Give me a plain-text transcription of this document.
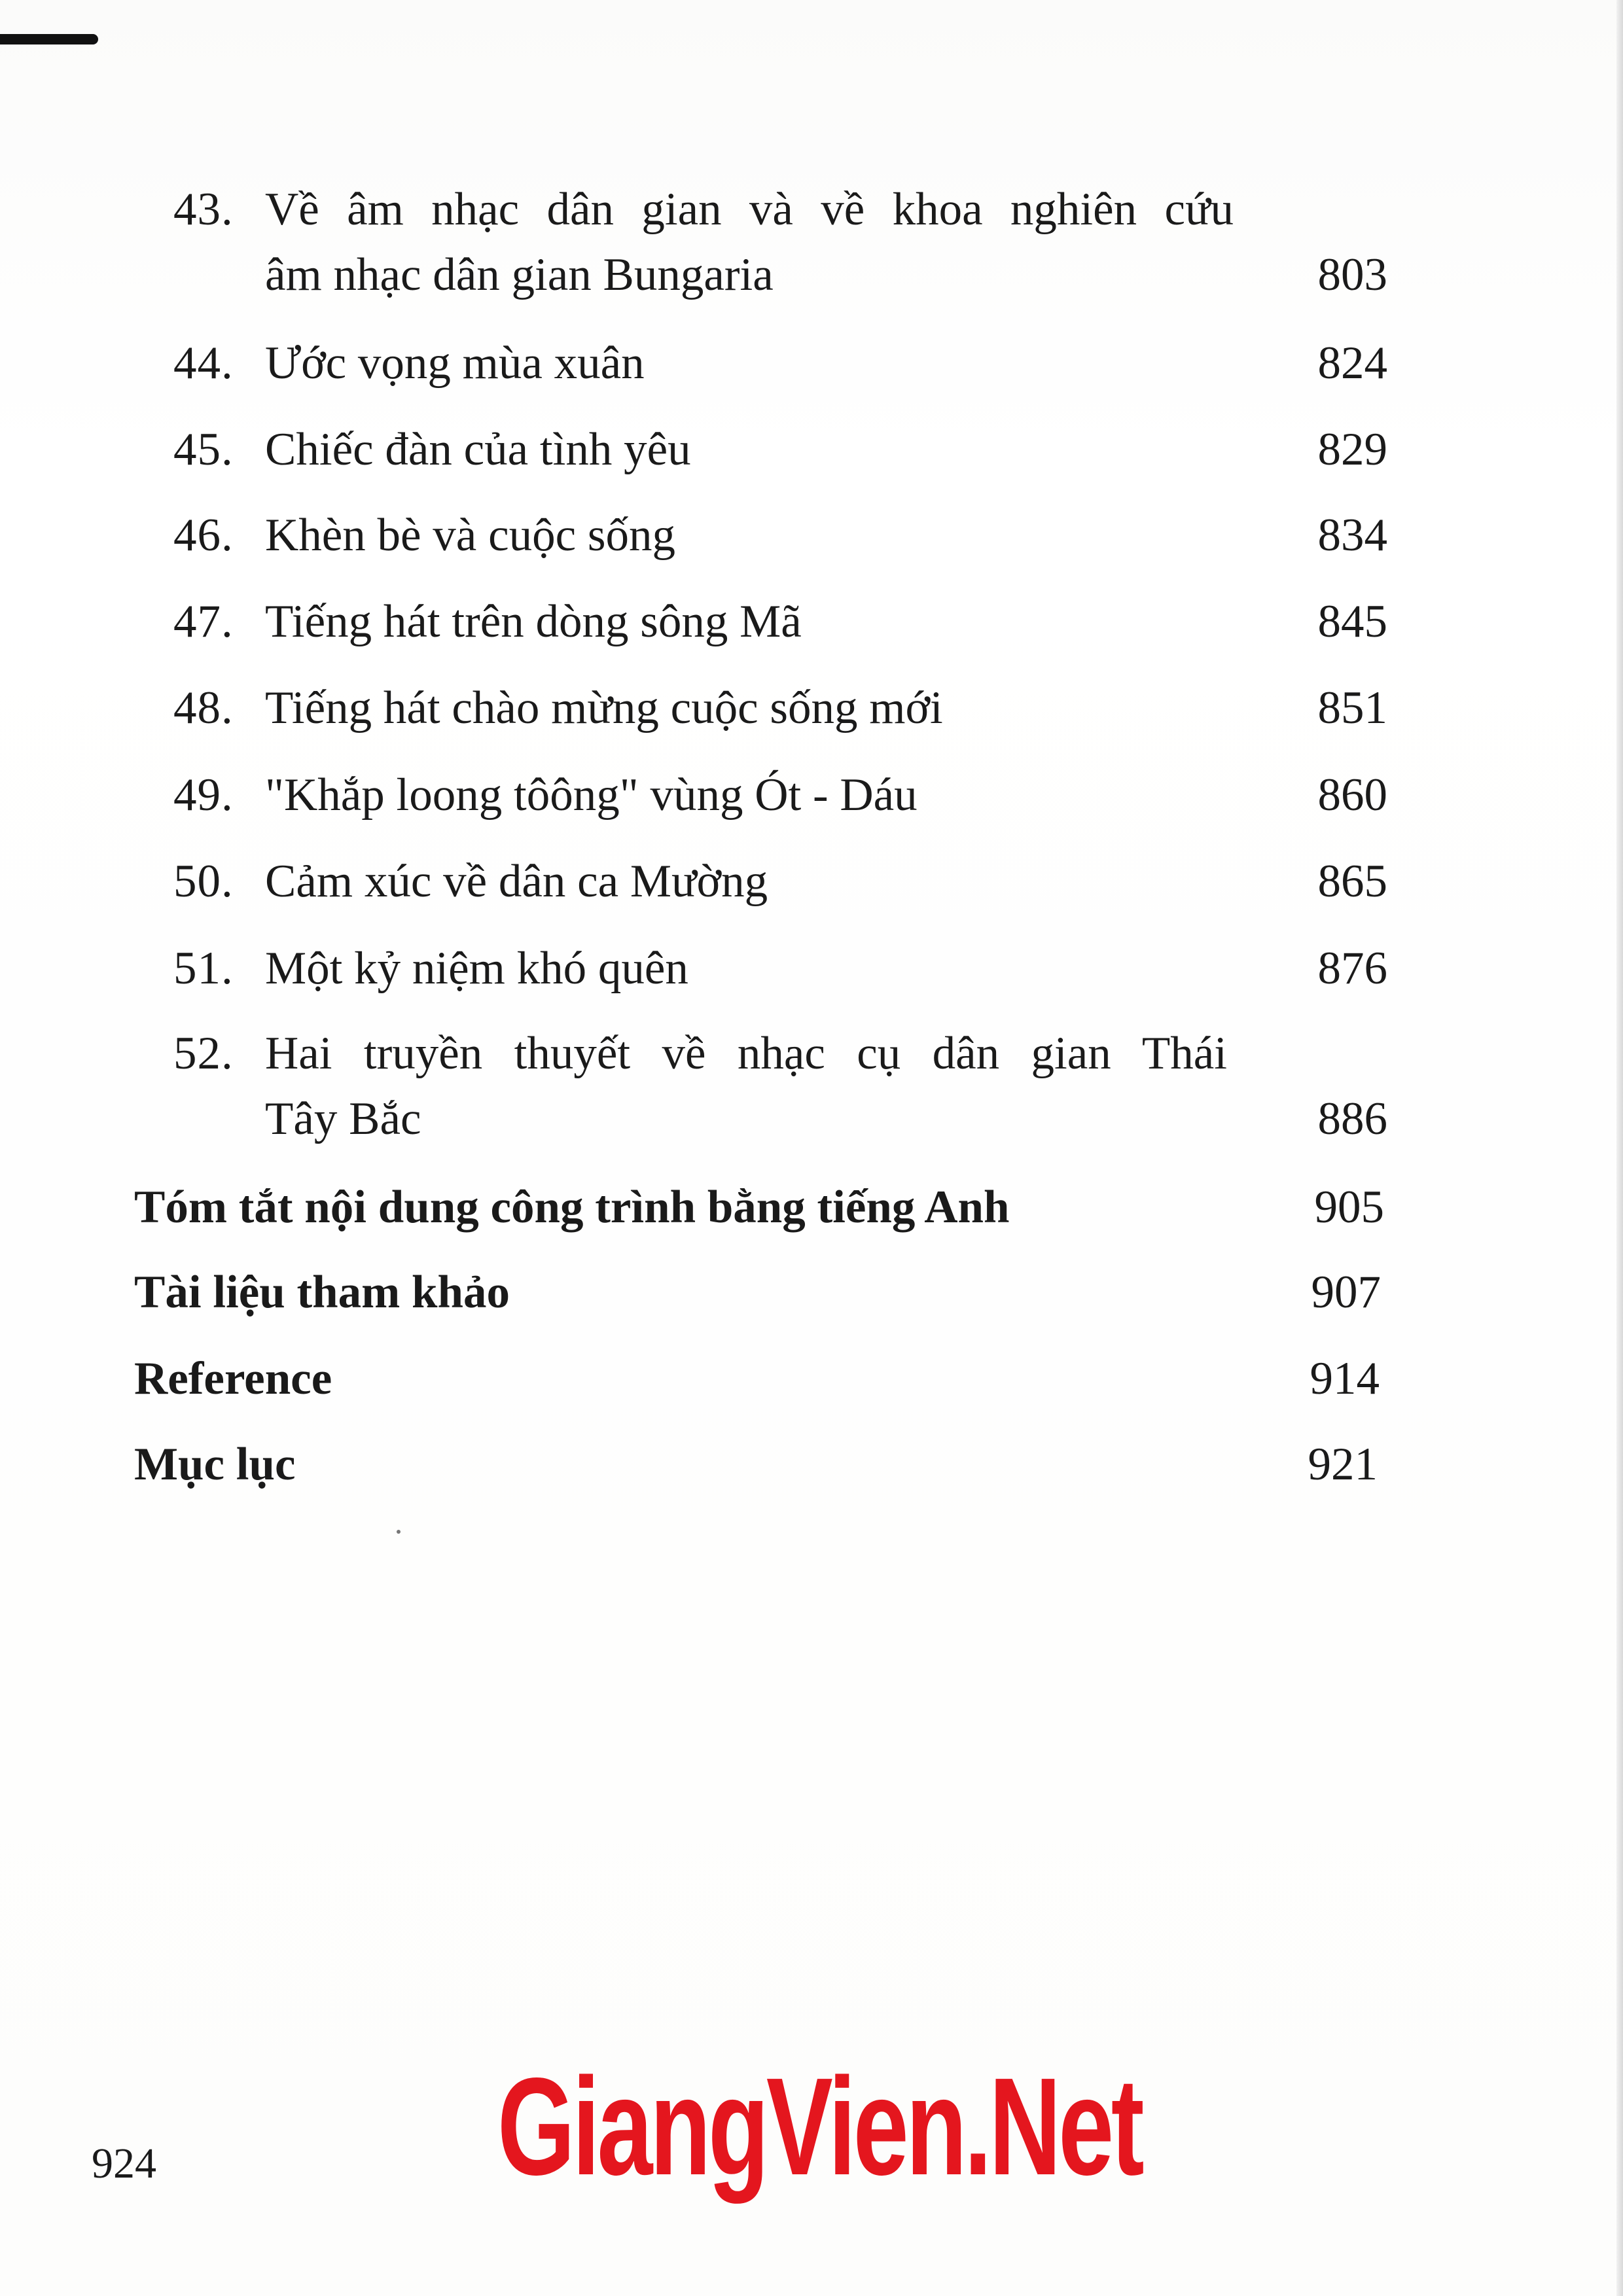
43. Về âm nhạc dân gian và về khoa nghiên cứu
âm nhạc dân gian Bungaria	803
44. Ước vọng mùa xuân	824
45. Chiếc đàn của tình yêu	829
46. Khèn bè và cuộc sống	834
47. Tiếng hát trên dòng sông Mã	845
48. Tiếng hát chào mừng cuộc sống mới	851
49. "Khắp loong tôông" vùng Ót - Dáu	860
50. Cảm xúc về dân ca Mường	865
51. Một kỷ niệm khó quên	876
52. Hai truyền thuyết về nhạc cụ dân gian Thái
Tây Bắc	886
Tóm tắt nội dung công trình bằng tiếng Anh	905
Tài liệu tham khảo	907
Reference	914
Mục lục	921
924 GiangVien.Net
